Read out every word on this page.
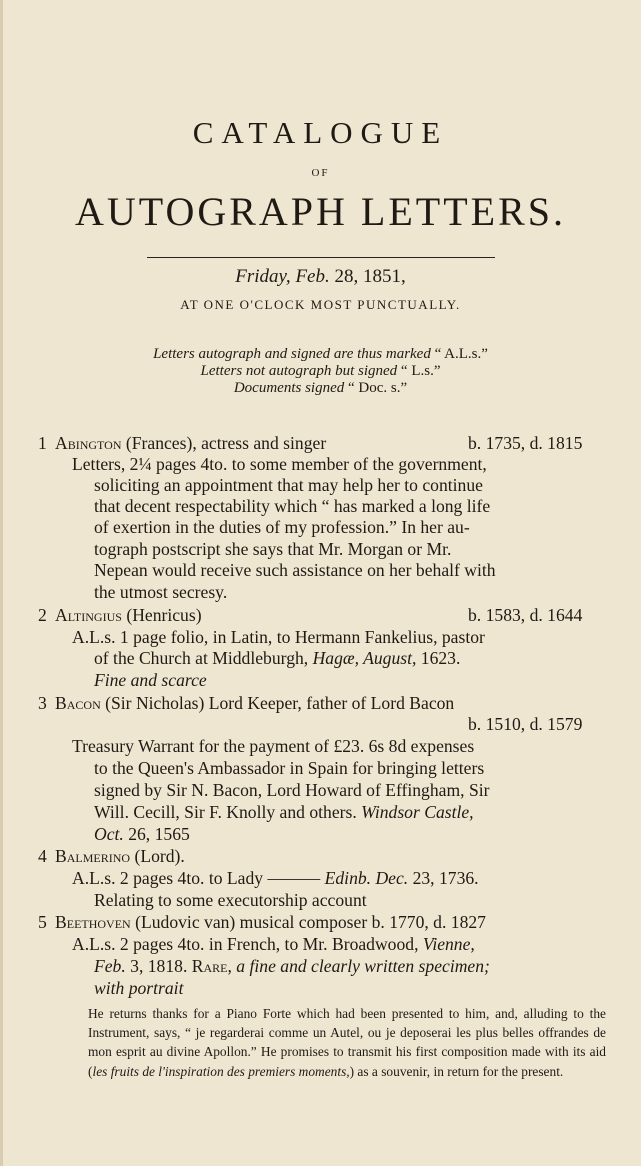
CATALOGUE
OF
AUTOGRAPH LETTERS.
Friday, Feb. 28, 1851,
AT ONE O'CLOCK MOST PUNCTUALLY.
Letters autograph and signed are thus marked “ A.L.s.”
Letters not autograph but signed “ L.s.”
Documents signed “ Doc. s.”
1 Abington (Frances), actress and singer	b. 1735, d. 1815
Letters, 2¼ pages 4to. to some member of the government,
soliciting an appointment that may help her to continue
that decent respectability which “ has marked a long life
of exertion in the duties of my profession.” In her au-
tograph postscript she says that Mr. Morgan or Mr.
Nepean would receive such assistance on her behalf with
the utmost secresy.
2 Altingius (Henricus)	b. 1583, d. 1644
A.L.s. 1 page folio, in Latin, to Hermann Fankelius, pastor
of the Church at Middleburgh, Hagæ, August, 1623.
Fine and scarce
3 Bacon (Sir Nicholas) Lord Keeper, father of Lord Bacon
b. 1510, d. 1579
Treasury Warrant for the payment of £23. 6s 8d expenses
to the Queen's Ambassador in Spain for bringing letters
signed by Sir N. Bacon, Lord Howard of Effingham, Sir
Will. Cecill, Sir F. Knolly and others. Windsor Castle,
Oct. 26, 1565
4 Balmerino (Lord).
A.L.s. 2 pages 4to. to Lady ——— Edinb. Dec. 23, 1736.
Relating to some executorship account
5 Beethoven (Ludovic van) musical composer b. 1770, d. 1827
A.L.s. 2 pages 4to. in French, to Mr. Broadwood, Vienne,
Feb. 3, 1818. Rare, a fine and clearly written specimen;
with portrait
He returns thanks for a Piano Forte which had been presented to him, and, alluding to the Instrument, says, “ je regarderai comme un Autel, ou je deposerai les plus belles offrandes de mon esprit au divine Apollon.” He promises to transmit his first composition made with its aid (les fruits de l'inspiration des premiers moments,) as a souvenir, in return for the present.
